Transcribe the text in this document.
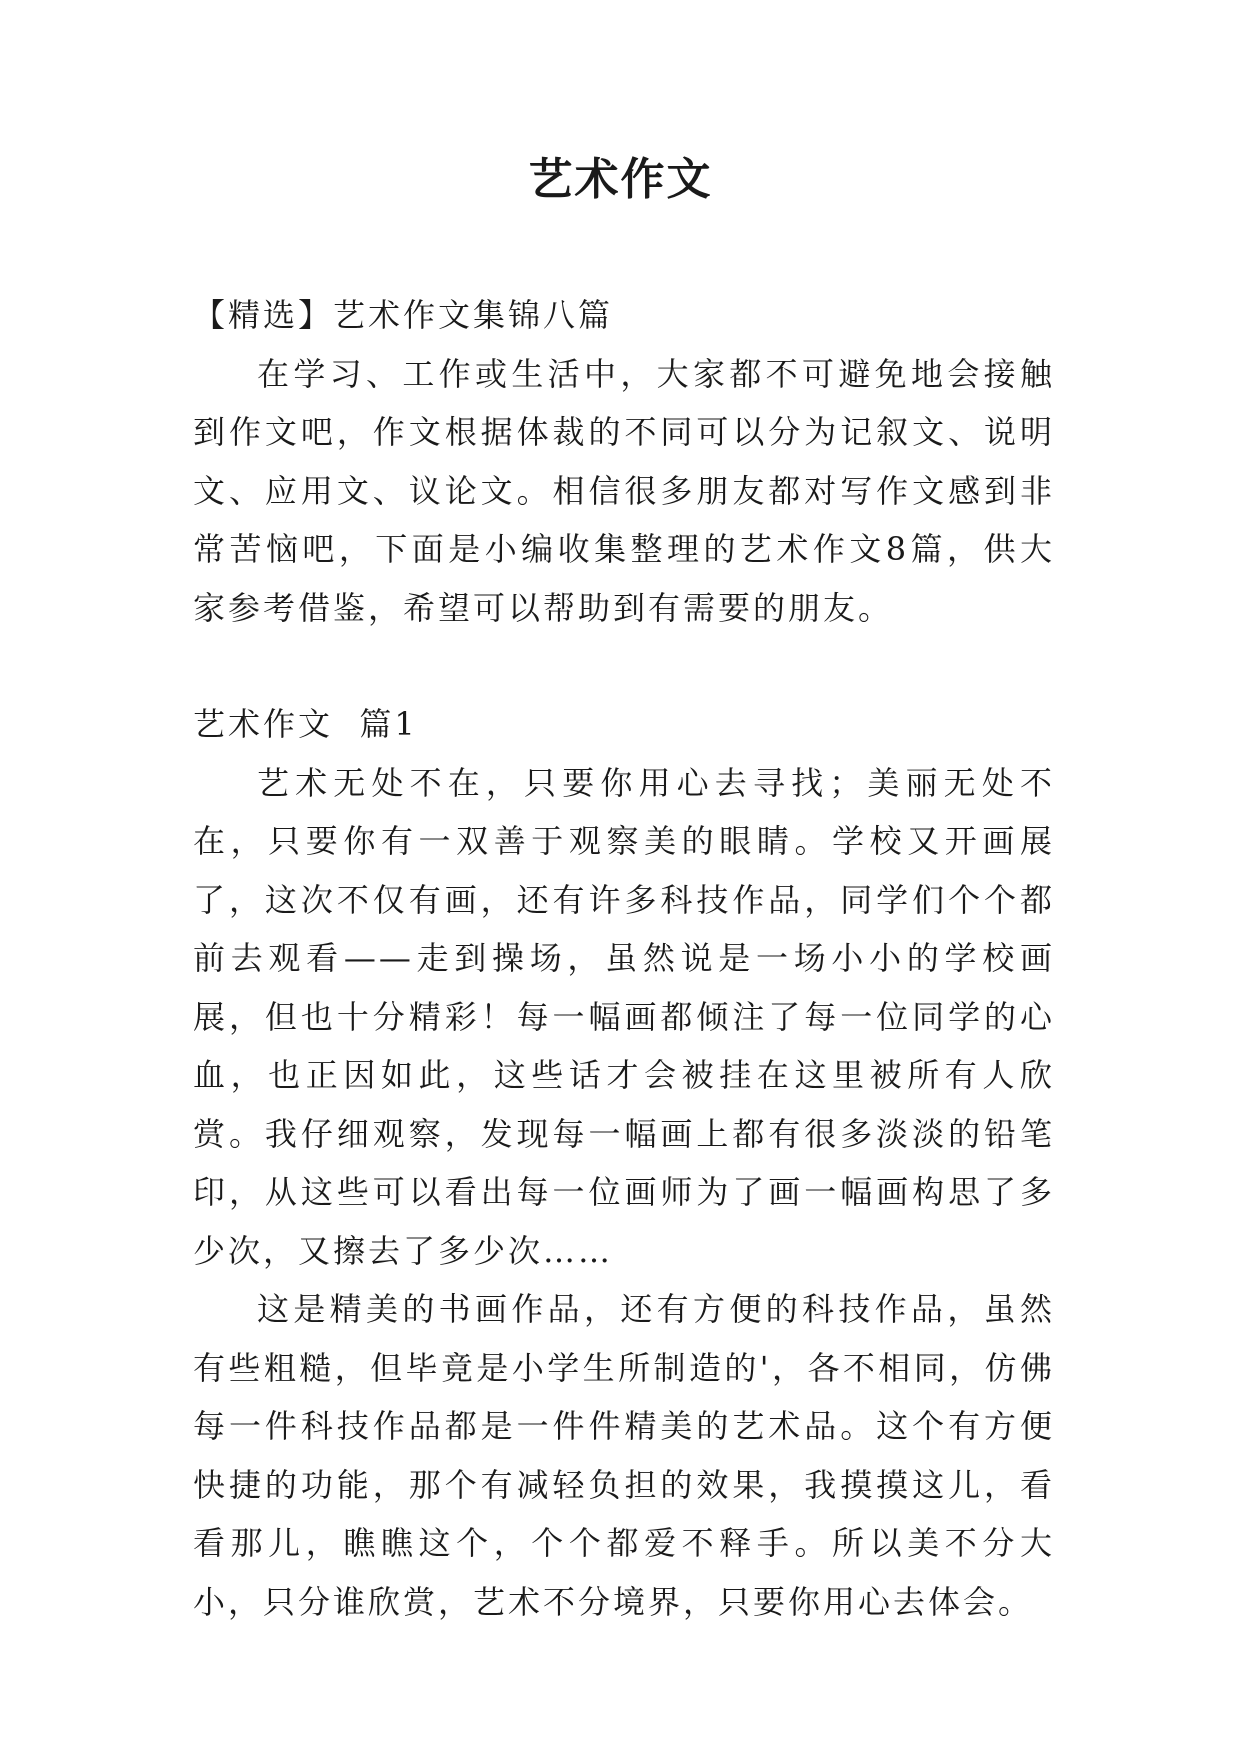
艺术作文

【精选】艺术作文集锦八篇

在学习、工作或生活中，大家都不可避免地会接触到作文吧，作文根据体裁的不同可以分为记叙文、说明文、应用文、议论文。相信很多朋友都对写作文感到非常苦恼吧，下面是小编收集整理的艺术作文8篇，供大家参考借鉴，希望可以帮助到有需要的朋友。

艺术作文  篇1

艺术无处不在，只要你用心去寻找；美丽无处不在，只要你有一双善于观察美的眼睛。学校又开画展了，这次不仅有画，还有许多科技作品，同学们个个都前去观看——走到操场，虽然说是一场小小的学校画展，但也十分精彩！每一幅画都倾注了每一位同学的心血，也正因如此，这些话才会被挂在这里被所有人欣赏。我仔细观察，发现每一幅画上都有很多淡淡的铅笔印，从这些可以看出每一位画师为了画一幅画构思了多少次，又擦去了多少次……

这是精美的书画作品，还有方便的科技作品，虽然有些粗糙，但毕竟是小学生所制造的'，各不相同，仿佛每一件科技作品都是一件件精美的艺术品。这个有方便快捷的功能，那个有减轻负担的效果，我摸摸这儿，看看那儿，瞧瞧这个，个个都爱不释手。所以美不分大小，只分谁欣赏，艺术不分境界，只要你用心去体会。
